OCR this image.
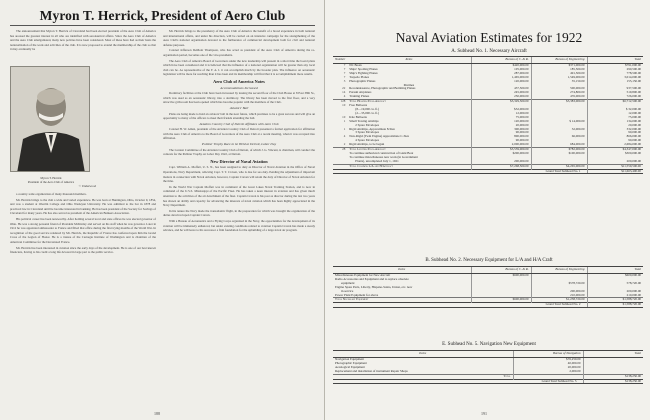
Myron T. Herrick, President of Aero Club

The announcement that Myron T. Herrick of Cleveland had been elected president of the Aero Club of America has aroused the greatest interest in all who are identified with aeronautical affairs. Since the Aero Club of America and the Aero Club amalgamated, many new policies have been considered. Most of these have had as their basis the nationalization of the work and activities of the club. It is now proposed to extend the membership of the club so that it may eventually be

Myron T. Herrick
President of the Aero Club of America
© Underwood

a country-wide organization of many thousand members.

Mr. Herrick brings to the club a wide and varied experience. He was born at Huntington, Ohio, October 9, 1854, and was a student at Oberlin College and Ohio Wesleyan University. He was admitted to the bar in 1878 and practiced law in Cleveland until he became interested in banking. He has been president of the Society for Savings of Cleveland for many years. He has also served as president of the American Bankers Association.

His political career has been noteworthy. After holding several local and state offices he was elected governor of Ohio. He was a strong personal friend of President McKinley and served on his staff when he was governor. Later in 1912 he was appointed ambassador to France and filled that office during the first trying months of the World War. In recognition of the good service rendered by Mr. Herrick, the Republic of France has conferred upon him the Grand Cross of the Legion of Honor. He is a trustee of the Carnegie Institute of Washington and is chairman of the American Committee for the Devastated France.

Mr. Herrick has been interested in aviation since the early days of the development. He is one of our best known financiers, having to his credit a long life devoted in large part to the public service.

Mr. Herrick brings to the presidency of the Aero Club of America the benefit of a broad experience in both national and international affairs, and under his direction, will be carried on an intensive campaign for the strengthening of the Aero Club's national organization devoted to the furtherance of commercial development both for civil and national defense purposes.

Colonel Jefferson DeMont Thompson, who has acted as president of the Aero Club of America during the re-organization period, becomes one of the vice-presidents.

The Aero Club of America Board of Governors under the new leadership will present in a short time the board plans which have been considered and it is believed that the influence of a national organization will be greater than any local club can be. As representative of the F. A. I. it can accomplish much by the broader plan. The influence on aeronautic legislation will be more far reaching than it has been and its membership will find that it is accomplishment more results.

Aero Club of America Notes

Accommodations Increased

Dormitory facilities at the Club have been increased by leasing the second floor of the Club House at 8 East 38th St., which was used as an aeronautic library, into a dormitory. The library has been moved to the first floor, and a very attractive grill-room has been opened which has become popular with the members of the Club.

Aviators' Ball

Plans are being made to hold an aviators' ball in the near future, which promises to be a great success and will give an opportunity to many of the officers to meet their friends attending the ball.

Aviation Country Club of Detroit Affiliates with Aero Club

Colonel H. W. Alden, president of the Aviation Country Club of Detroit presented a formal application for affiliation with the Aero Club of America to the Board of Governors of the Aero Club at a recent meeting, when it was accepted into affiliation.

Pulitzer Trophy Race to be Held at Detroit, Labor Day

The Contest Committee of the Aviation Country Club of Detroit, of which J. G. Vincent, is chairman, will conduct the contests for the Pulitzer Trophy on Labor Day 1922, at Detroit.

New Director of Naval Aviation

Capt. William A. Moffett, U. S. N., has been assigned to duty as Director of Naval Aviation in the Office of Naval Operations, Navy Department, relieving Capt. T. T. Craven, who is due for sea duty. Pending the adjustment of important matters in connection with Naval Aviation, however, Captain Craven will retain the duty of Director of Naval Aviation for the time.

In the World War Captain Moffett was in command of the Great Lakes Naval Training Station, and is now in command of the U.S.S. Mississippi of the Pacific Fleet. He has taken a keen interest in aviation and has given much attention to the activities of the air detachment of the fleet. Captain Craven is his post as director during the last two years has shown an ability and capacity for advancing the interests of naval aviation which has been highly appreciated in the Navy Department.

In his tenure the Navy made the transatlantic flight, in the preparation for which was brought the organization of the duties devolved upon Captain Craven.

With a Bureau of Aeronautics and a Flying Corps organized in the Navy, the opportunities for the development of its aviation will be immensely enhanced, but under existing conditions related to aviation Captain Craven has made a steady advance, and he will leave to his successor a firm foundation for the upbuilding of a large naval air program.

188
Naval Aviation Estimates for 1922
A. Subhead No. 1. Necessary Aircraft
Number	Items	Bureau of C. & R.	Bureau of Engineering	Total
7	NC Boats	$420,000.00	$371,000.00	$791,000.00
7	Ships' Spotting Planes	105,000.00	185,500.00	290,500.00
7	Ship's Fighting Planes	287,000.00	491,500.00	778,500.00
7	Torpedo Planes	1,465,000.00	1,549,000.00	3,014,000.00
3	Photographic Planes	120,000.00	35,150.00	155,150.00
	Marines			
22	Reconnaissance, Photographic and Bombing Planes	437,500.00	500,000.00	937,500.00
14	Pursuit Airplanes	245,000.00	274,800.00	519,800.00
4	Training Planes	250,000.00	476,000.00	726,000.00
128	Total Heavier-Than-Aircraft	$3,329,500.00	$3,383,000.00	$6,712,500.00
10	Free Balloons			
	(8—19,000 cu. ft.)	$32,000.00		$ 32,000.00
	(2—35,000 cu. ft.)	12,000.00		12,000.00
10	Kite Balloons	75,000.00		75,000.00
1	Small Towing Airships	120,000.00	$ 14,000.00	134,000.00
	2 Spare Envelopes	20,000.00		20,000.00
1	Rigid Airships, Approximate 8-Size	300,000.00	32,000.00	332,000.00
	3 Spare Envelopes	90,000.00		90,000.00
4	Non-Rigid (Twin Engine) Approximate C-Size	800,000.00	66,000.00	866,000.00
	4 Spare Envelopes	90,000.00		90,000.00
2	Rigid Airships, to be begun	2,000,000.00	684,000.00	2,684,000.00
28	Total Lighter-Than-Aircraft	$3,539,000.00	$782,000.00	$4,347,000.00
	To continue authorized construction of Giant Boat	$200,000.00	$100,000.00	$300,000.00
	To continue miscellaneous new work (in Government			
	Plants), uncompleted July 1, 1921	200,000.00		200,000.00
	Total Columns L/A and H/A Craft	$7,268,500.00	$4,265,000.00	$11,559,500.00
Grand Total Subhead No. 1				$11,663,400.00
B. Subhead No. 2. Necessary Equipment for L/A and H/A Craft
Items	Bureau of C. & R.	Bureau of Engineering	Total
Miscellaneous Equipment for New Aircraft	$600,000.00		$600,000.00
Radio Accessories and Equipment and to replace obsolete			
equipment		$578,720.00	578,720.00
Engine Spare Parts, Liberty, Hispano-Suiza, Union, etc. now			
in service		200,000.00	200,000.00
Power Plant Equipment for above		210,000.00	210,000.00
Total Necessary Equipment	$600,000.00	$1,238,720.00	$1,588,720.00
Grand Total Subhead No. 2			$1,588,720.00
E. Subhead No. 5. Navigation New Equipment
Items	Bureau of Navigation	Total
Navigation Equipment	$76,250.00	
Photographic Equipment	40,000.00	
Aerological Equipment	20,000.00	
Replacement and installation of instrument Repair Shops	2,000.00	
Total		$138,250.00
Grand Total Subhead No. 5		$138,250.00
191
